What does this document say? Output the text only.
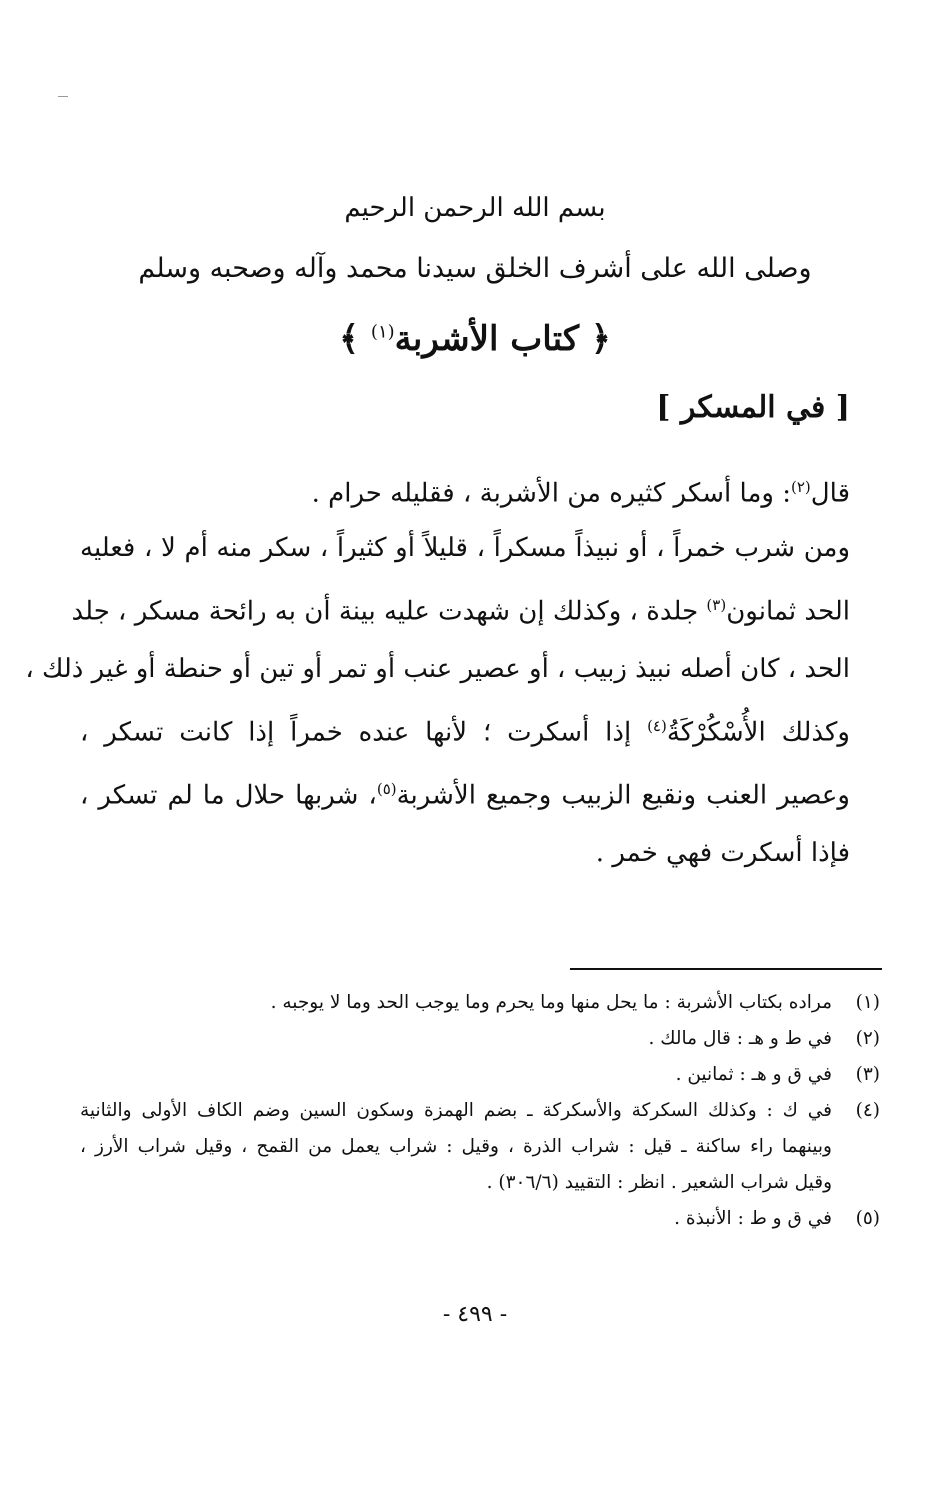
بسم الله الرحمن الرحيم
وصلى الله على أشرف الخلق سيدنا محمد وآله وصحبه وسلم
﴿ كتاب الأشربة$^{(١)}$ ﴾
[ في المسكر ]
قال$^{(٢)}$: وما أسكر كثيره من الأشربة ، فقليله حرام .
ومن شرب خمراً ، أو نبيذاً مسكراً ، قليلاً أو كثيراً ، سكر منه أم لا ، فعليه
الحد ثمانون$^{(٣)}$ جلدة ، وكذلك إن شهدت عليه بينة أن به رائحة مسكر ، جلد
الحد ، كان أصله نبيذ زبيب ، أو عصير عنب أو تمر أو تين أو حنطة أو غير ذلك ،
وكذلك الأُسْكُرْكَةُ$^{(٤)}$ إذا أسكرت ؛ لأنها عنده خمراً إذا كانت تسكر ،
وعصير العنب ونقيع الزبيب وجميع الأشربة$^{(٥)}$، شربها حلال ما لم تسكر ،
فإذا أسكرت فهي خمر .
(١)
مراده بكتاب الأشربة : ما يحل منها وما يحرم وما يوجب الحد وما لا يوجبه .
(٢)
في ط و هـ : قال مالك .
(٣)
في ق و هـ : ثمانين .
(٤)
في ك : وكذلك السكركة والأسكركة ـ بضم الهمزة وسكون السين وضم الكاف الأولى والثانية
وبينهما راء ساكنة ـ قيل : شراب الذرة ، وقيل : شراب يعمل من القمح ، وقيل شراب الأرز ،
وقيل شراب الشعير . انظر : التقييد (٣٠٦/٦) .
(٥)
في ق و ط : الأنبذة .
- ٤٩٩ -
